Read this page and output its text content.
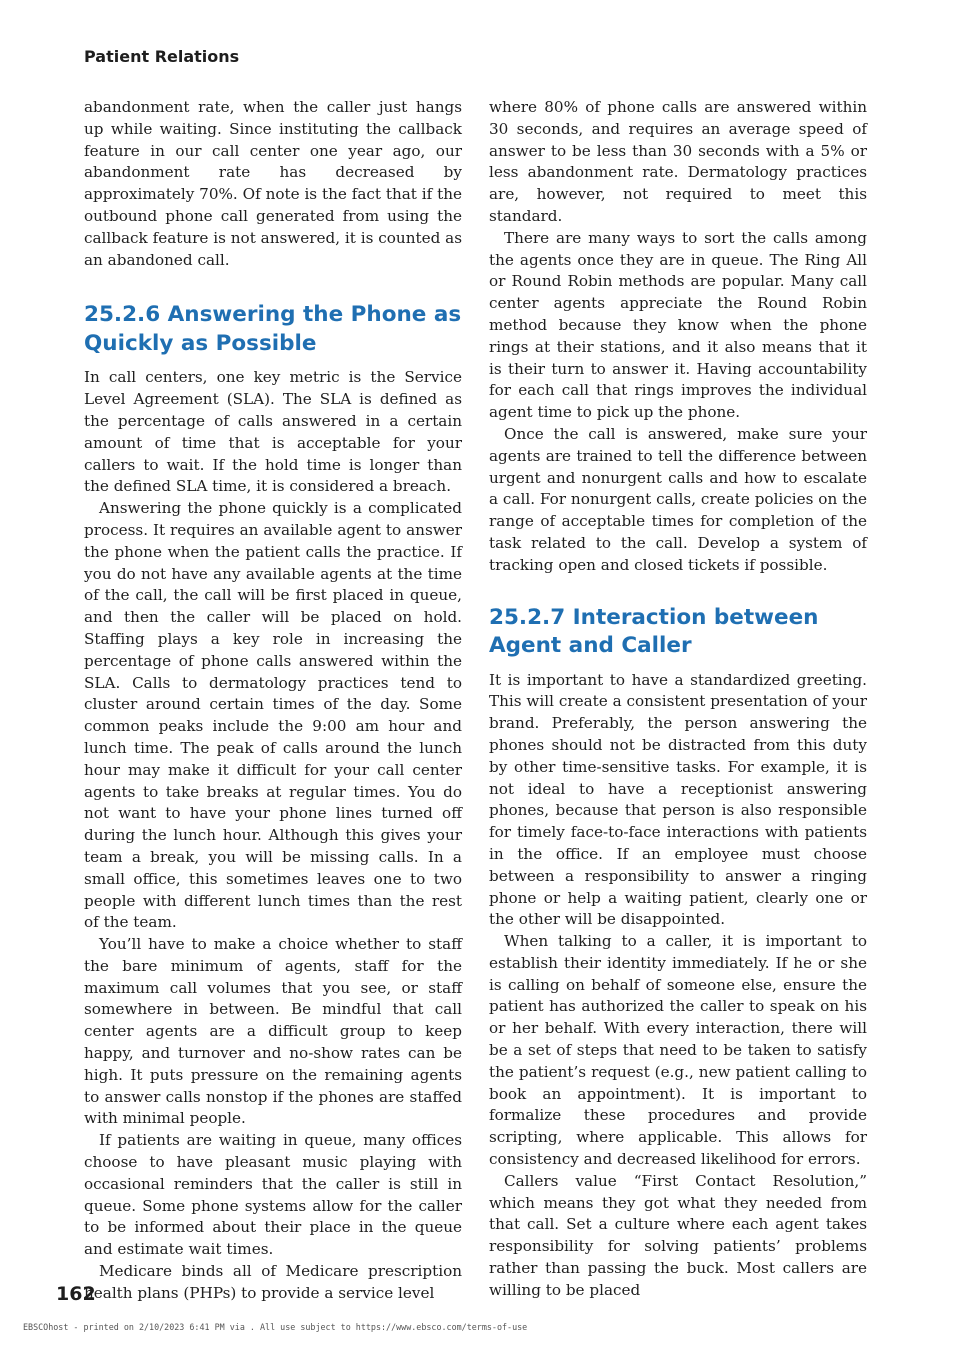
Patient Relations

abandonment rate, when the caller just hangs up while waiting. Since instituting the callback feature in our call center one year ago, our abandonment rate has decreased by approximately 70%. Of note is the fact that if the outbound phone call generated from using the callback feature is not answered, it is counted as an abandoned call.

25.2.6 Answering the Phone as Quickly as Possible

In call centers, one key metric is the Service Level Agreement (SLA). The SLA is defined as the percentage of calls answered in a certain amount of time that is acceptable for your callers to wait. If the hold time is longer than the defined SLA time, it is considered a breach.

Answering the phone quickly is a complicated process. It requires an available agent to answer the phone when the patient calls the practice. If you do not have any available agents at the time of the call, the call will be first placed in queue, and then the caller will be placed on hold. Staffing plays a key role in increasing the percentage of phone calls answered within the SLA. Calls to dermatology practices tend to cluster around certain times of the day. Some common peaks include the 9:00 am hour and lunch time. The peak of calls around the lunch hour may make it difficult for your call center agents to take breaks at regular times. You do not want to have your phone lines turned off during the lunch hour. Although this gives your team a break, you will be missing calls. In a small office, this sometimes leaves one to two people with different lunch times than the rest of the team.

You’ll have to make a choice whether to staff the bare minimum of agents, staff for the maximum call volumes that you see, or staff somewhere in between. Be mindful that call center agents are a difficult group to keep happy, and turnover and no-show rates can be high. It puts pressure on the remaining agents to answer calls nonstop if the phones are staffed with minimal people.

If patients are waiting in queue, many offices choose to have pleasant music playing with occasional reminders that the caller is still in queue. Some phone systems allow for the caller to be informed about their place in the queue and estimate wait times.

Medicare binds all of Medicare prescription health plans (PHPs) to provide a service level

where 80% of phone calls are answered within 30 seconds, and requires an average speed of answer to be less than 30 seconds with a 5% or less abandonment rate. Dermatology practices are, however, not required to meet this standard.

There are many ways to sort the calls among the agents once they are in queue. The Ring All or Round Robin methods are popular. Many call center agents appreciate the Round Robin method because they know when the phone rings at their stations, and it also means that it is their turn to answer it. Having accountability for each call that rings improves the individual agent time to pick up the phone.

Once the call is answered, make sure your agents are trained to tell the difference between urgent and nonurgent calls and how to escalate a call. For nonurgent calls, create policies on the range of acceptable times for completion of the task related to the call. Develop a system of tracking open and closed tickets if possible.

25.2.7 Interaction between Agent and Caller

It is important to have a standardized greeting. This will create a consistent presentation of your brand. Preferably, the person answering the phones should not be distracted from this duty by other time-sensitive tasks. For example, it is not ideal to have a receptionist answering phones, because that person is also responsible for timely face-to-face interactions with patients in the office. If an employee must choose between a responsibility to answer a ringing phone or help a waiting patient, clearly one or the other will be disappointed.

When talking to a caller, it is important to establish their identity immediately. If he or she is calling on behalf of someone else, ensure the patient has authorized the caller to speak on his or her behalf. With every interaction, there will be a set of steps that need to be taken to satisfy the patient’s request (e.g., new patient calling to book an appointment). It is important to formalize these procedures and provide scripting, where applicable. This allows for consistency and decreased likelihood for errors.

Callers value “First Contact Resolution,” which means they got what they needed from that call. Set a culture where each agent takes responsibility for solving patients’ problems rather than passing the buck. Most callers are willing to be placed

162
EBSCOhost - printed on 2/10/2023 6:41 PM via . All use subject to https://www.ebsco.com/terms-of-use
